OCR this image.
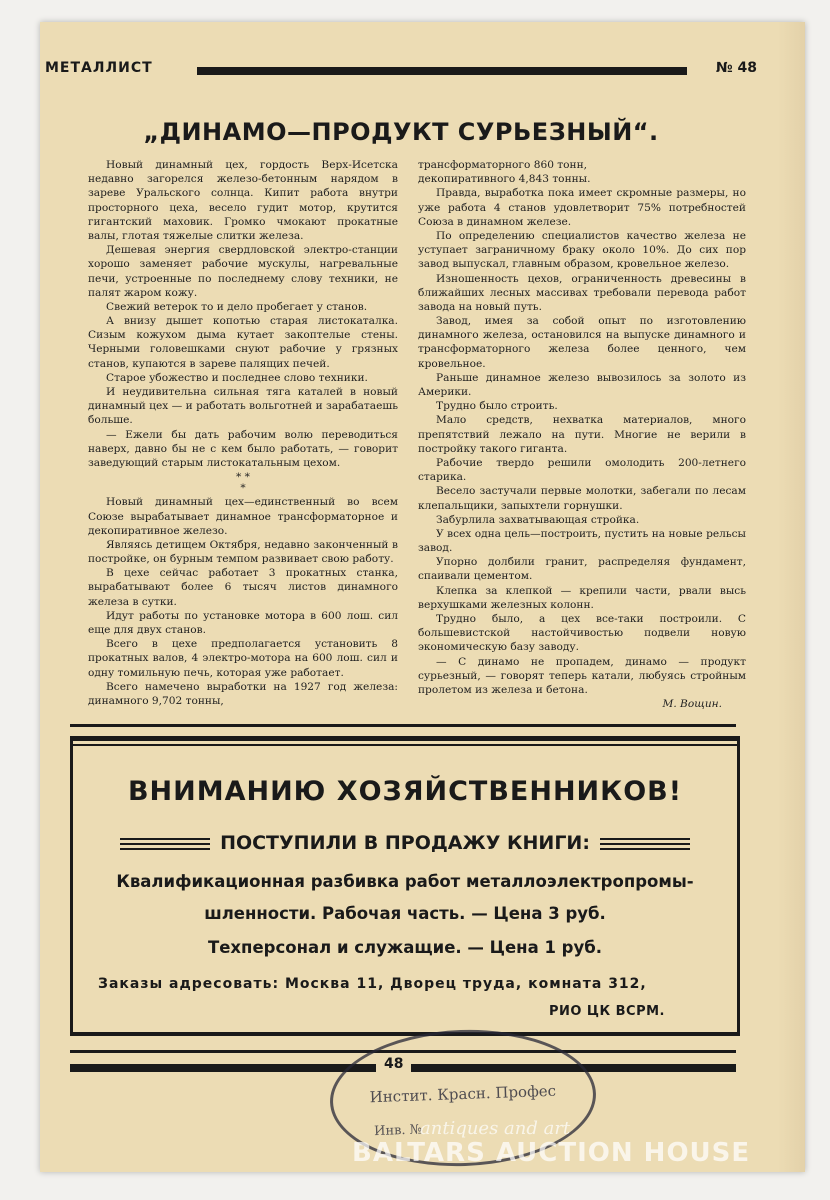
МЕТАЛЛИСТ	№ 48
„ДИНАМО—ПРОДУКТ СУРЬЕЗНЫЙ“.

Новый динамный цех, гордость Верх-Исетска недавно загорелся железо-бетонным нарядом в зареве Уральского солнца. Кипит работа внутри просторного цеха, весело гудит мотор, крутится гигантский маховик. Громко чмокают прокатные валы, глотая тяжелые слитки железа.

Дешевая энергия свердловской электро-станции хорошо заменяет рабочие мускулы, нагревальные печи, устроенные по последнему слову техники, не палят жаром кожу.

Свежий ветерок то и дело пробегает у станов.

А внизу дышет копотью старая листокаталка. Сизым кожухом дыма кутает закоптелые стены. Черными головешками снуют рабочие у грязных станов, купаются в зареве палящих печей.

Старое убожество и последнее слово техники.

И неудивительна сильная тяга каталей в новый динамный цех — и работать вольготней и зарабатаешь больше.

— Ежели бы дать рабочим волю переводиться наверх, давно бы не с кем было работать, — говорит заведующий старым листокатальным цехом.

* *
*

Новый динамный цех—единственный во всем Союзе вырабатывает динамное трансформаторное и декопиративное железо.

Являясь детищем Октября, недавно законченный в постройке, он бурным темпом развивает свою работу.

В цехе сейчас работает 3 прокатных станка, вырабатывают более 6 тысяч листов динамного железа в сутки.

Идут работы по установке мотора в 600 лош. сил еще для двух станов.

Всего в цехе предполагается установить 8 прокатных валов, 4 электро-мотора на 600 лош. сил и одну томильную печь, которая уже работает.

Всего намечено выработки на 1927 год железа: динамного 9,702 тонны,

трансформаторного 860 тонн,

декопиративного 4,843 тонны.

Правда, выработка пока имеет скромные размеры, но уже работа 4 станов удовлетворит 75% потребностей Союза в динамном железе.

По определению специалистов качество железа не уступает заграничному браку около 10%. До сих пор завод выпускал, главным образом, кровельное железо.

Изношенность цехов, ограниченность древесины в ближайших лесных массивах требовали перевода работ завода на новый путь.

Завод, имея за собой опыт по изготовлению динамного железа, остановился на выпуске динамного и трансформаторного железа более ценного, чем кровельное.

Раньше динамное железо вывозилось за золото из Америки.

Трудно было строить.

Мало средств, нехватка материалов, много препятствий лежало на пути. Многие не верили в постройку такого гиганта.

Рабочие твердо решили омолодить 200-летнего старика.

Весело застучали первые молотки, забегали по лесам клепальщики, запыхтели горнушки.

Забурлила захватывающая стройка.

У всех одна цель—построить, пустить на новые рельсы завод.

Упорно долбили гранит, распределяя фундамент, спаивали цементом.

Клепка за клепкой — крепили части, рвали высь верхушками железных колонн.

Трудно было, а цех все-таки построили. С большевистской настойчивостью подвели новую экономическую базу заводу.

— С динамо не пропадем, динамо — продукт сурьезный, — говорят теперь катали, любуясь стройным пролетом из железа и бетона.

М. Вощин.

ВНИМАНИЮ ХОЗЯЙСТВЕННИКОВ!
ПОСТУПИЛИ В ПРОДАЖУ КНИГИ:
Квалификационная разбивка работ металлоэлектропромы-
шленности. Рабочая часть. — Цена 3 руб.
Техперсонал и служащие. — Цена 1 руб.
Заказы адресовать: Москва 11, Дворец труда, комната 312,
РИО ЦК ВСРМ.
48
Инстит. Красн. Профес
Инв. №
antiques and art
BALTARS AUCTION HOUSE
